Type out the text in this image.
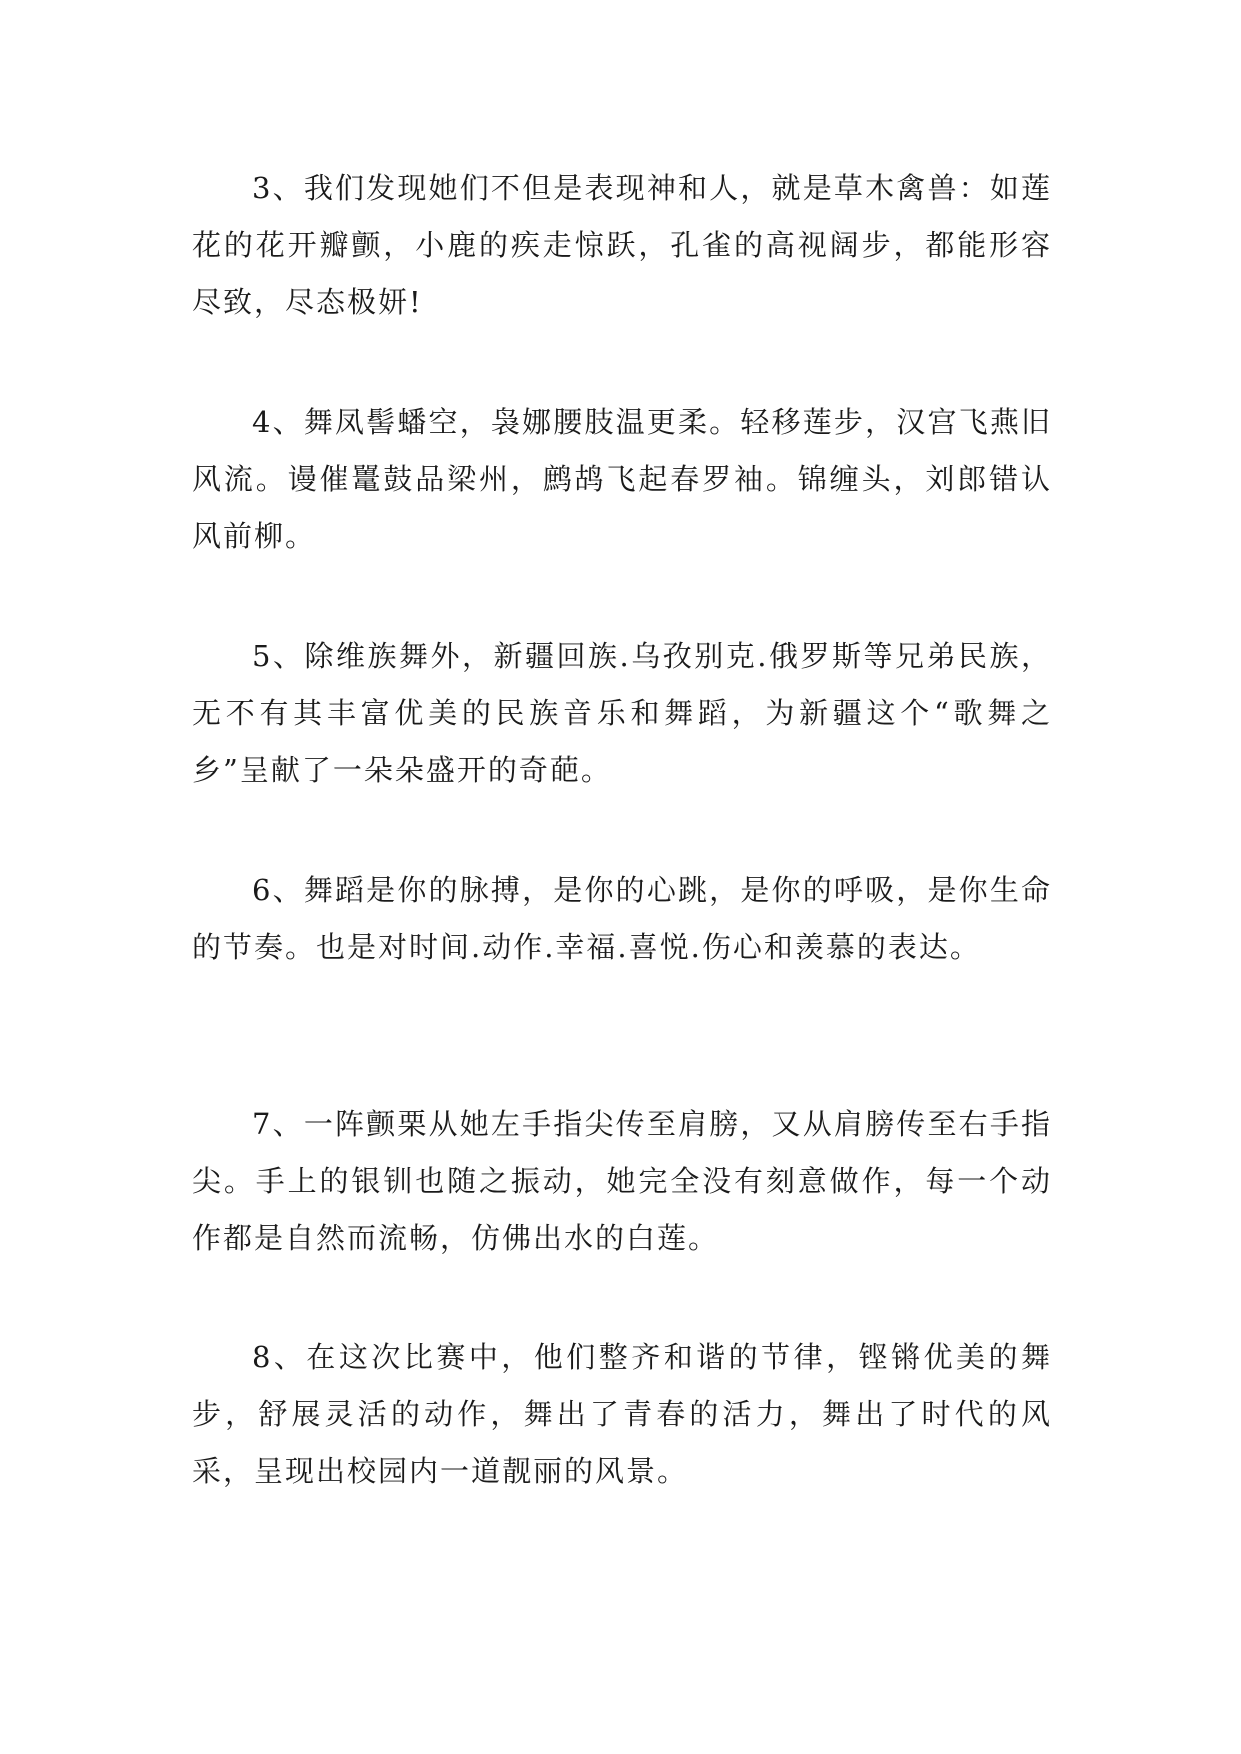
3、我们发现她们不但是表现神和人，就是草木禽兽：如莲花的花开瓣颤，小鹿的疾走惊跃，孔雀的高视阔步，都能形容尽致，尽态极妍!

4、舞凤髻蟠空，袅娜腰肢温更柔。轻移莲步，汉宫飞燕旧风流。谩催鼍鼓品梁州，鹧鸪飞起春罗袖。锦缠头，刘郎错认风前柳。

5、除维族舞外，新疆回族.乌孜别克.俄罗斯等兄弟民族，无不有其丰富优美的民族音乐和舞蹈，为新疆这个“歌舞之乡”呈献了一朵朵盛开的奇葩。

6、舞蹈是你的脉搏，是你的心跳，是你的呼吸，是你生命的节奏。也是对时间.动作.幸福.喜悦.伤心和羡慕的表达。

7、一阵颤栗从她左手指尖传至肩膀，又从肩膀传至右手指尖。手上的银钏也随之振动，她完全没有刻意做作，每一个动作都是自然而流畅，仿佛出水的白莲。

8、在这次比赛中，他们整齐和谐的节律，铿锵优美的舞步，舒展灵活的动作，舞出了青春的活力，舞出了时代的风采，呈现出校园内一道靓丽的风景。
